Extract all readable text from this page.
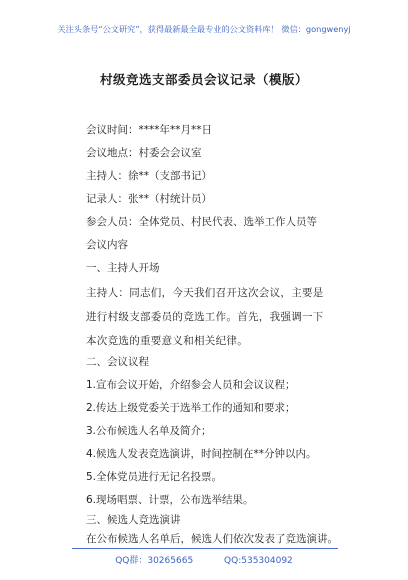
关注头条号“公文研究”，获得最新最全最专业的公文资料库！ 微信：gongwenyj
村级竞选支部委员会议记录（模版）
会议时间：****年**月**日
会议地点：村委会会议室
主持人：徐**（支部书记）
记录人：张**（村统计员）
参会人员：全体党员、村民代表、选举工作人员等
会议内容
一、主持人开场
主持人：同志们，今天我们召开这次会议，主要是进行村级支部委员的竞选工作。首先，我强调一下本次竞选的重要意义和相关纪律。
二、会议议程
1.宣布会议开始，介绍参会人员和会议议程；
2.传达上级党委关于选举工作的通知和要求；
3.公布候选人名单及简介；
4.候选人发表竞选演讲，时间控制在**分钟以内。
5.全体党员进行无记名投票。
6.现场唱票、计票，公布选举结果。
三、候选人竞选演讲
QQ群：30265665	QQ:535304092
在公布候选人名单后，候选人们依次发表了竞选演讲。
